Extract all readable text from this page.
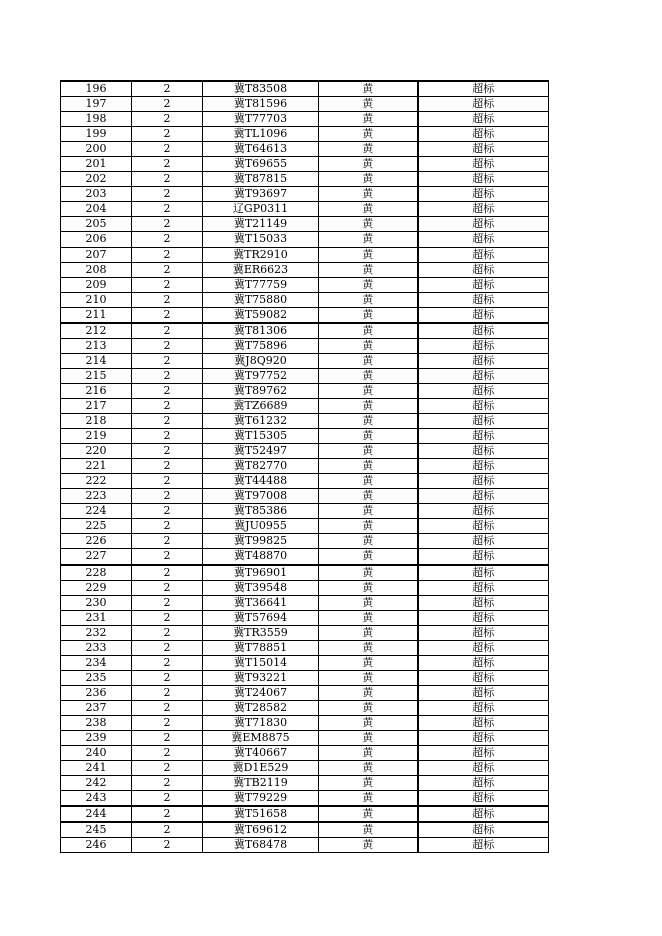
196	2	冀T83508	黄	超标
197	2	冀T81596	黄	超标
198	2	冀T77703	黄	超标
199	2	冀TL1096	黄	超标
200	2	冀T64613	黄	超标
201	2	冀T69655	黄	超标
202	2	冀T87815	黄	超标
203	2	冀T93697	黄	超标
204	2	辽GP0311	黄	超标
205	2	冀T21149	黄	超标
206	2	冀T15033	黄	超标
207	2	冀TR2910	黄	超标
208	2	冀ER6623	黄	超标
209	2	冀T77759	黄	超标
210	2	冀T75880	黄	超标
211	2	冀T59082	黄	超标
212	2	冀T81306	黄	超标
213	2	冀T75896	黄	超标
214	2	冀J8Q920	黄	超标
215	2	冀T97752	黄	超标
216	2	冀T89762	黄	超标
217	2	冀TZ6689	黄	超标
218	2	冀T61232	黄	超标
219	2	冀T15305	黄	超标
220	2	冀T52497	黄	超标
221	2	冀T82770	黄	超标
222	2	冀T44488	黄	超标
223	2	冀T97008	黄	超标
224	2	冀T85386	黄	超标
225	2	冀JU0955	黄	超标
226	2	冀T99825	黄	超标
227	2	冀T48870	黄	超标
228	2	冀T96901	黄	超标
229	2	冀T39548	黄	超标
230	2	冀T36641	黄	超标
231	2	冀T57694	黄	超标
232	2	冀TR3559	黄	超标
233	2	冀T78851	黄	超标
234	2	冀T15014	黄	超标
235	2	冀T93221	黄	超标
236	2	冀T24067	黄	超标
237	2	冀T28582	黄	超标
238	2	冀T71830	黄	超标
239	2	冀EM8875	黄	超标
240	2	冀T40667	黄	超标
241	2	冀D1E529	黄	超标
242	2	冀TB2119	黄	超标
243	2	冀T79229	黄	超标
244	2	冀T51658	黄	超标
245	2	冀T69612	黄	超标
246	2	冀T68478	黄	超标
